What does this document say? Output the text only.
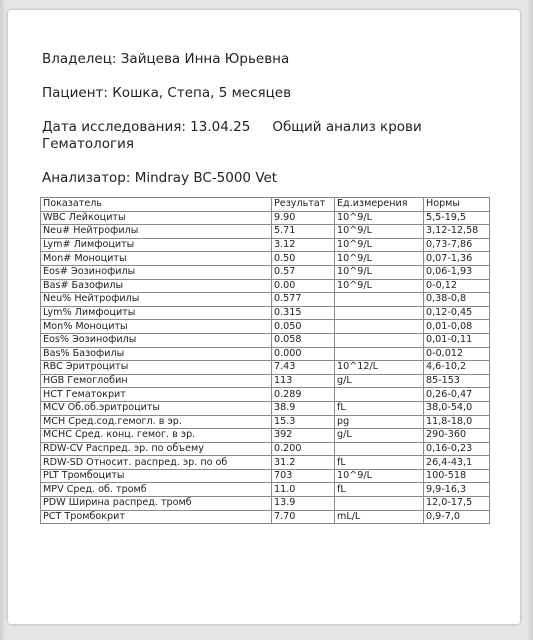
Владелец: Зайцева Инна Юрьевна

Пациент: Кошка, Степа, 5 месяцев

Дата исследования: 13.04.25 Общий анализ крови

Гематология

Анализатор: Mindray BC-5000 Vet

Показатель	Результат	Ед.измерения	Нормы
WBC Лейкоциты	9.90	10^9/L	5,5-19,5
Neu# Нейтрофилы	5.71	10^9/L	3,12-12,58
Lym# Лимфоциты	3.12	10^9/L	0,73-7,86
Mon# Моноциты	0.50	10^9/L	0,07-1,36
Eos# Эозинофилы	0.57	10^9/L	0,06-1,93
Bas# Базофилы	0.00	10^9/L	0-0,12
Neu% Нейтрофилы	0.577		0,38-0,8
Lym% Лимфоциты	0.315		0,12-0,45
Mon% Моноциты	0.050		0,01-0,08
Eos% Эозинофилы	0.058		0,01-0,11
Bas% Базофилы	0.000		0-0,012
RBC Эритроциты	7.43	10^12/L	4,6-10,2
HGB Гемоглобин	113	g/L	85-153
HCT Гематокрит	0.289		0,26-0,47
MCV Об.об.эритроциты	38.9	fL	38,0-54,0
MCH Сред.сод.гемогл. в эр.	15.3	pg	11,8-18,0
MCHC Сред. конц. гемог. в эр.	392	g/L	290-360
RDW-CV Распред. эр. по объему	0.200		0,16-0,23
RDW-SD Относит. распред. эр. по об	31.2	fL	26,4-43,1
PLT Тромбоциты	703	10^9/L	100-518
MPV Сред. об. тромб	11.0	fL	9,9-16,3
PDW Ширина распред. тромб	13.9		12,0-17,5
PCT Тромбокрит	7.70	mL/L	0,9-7,0
